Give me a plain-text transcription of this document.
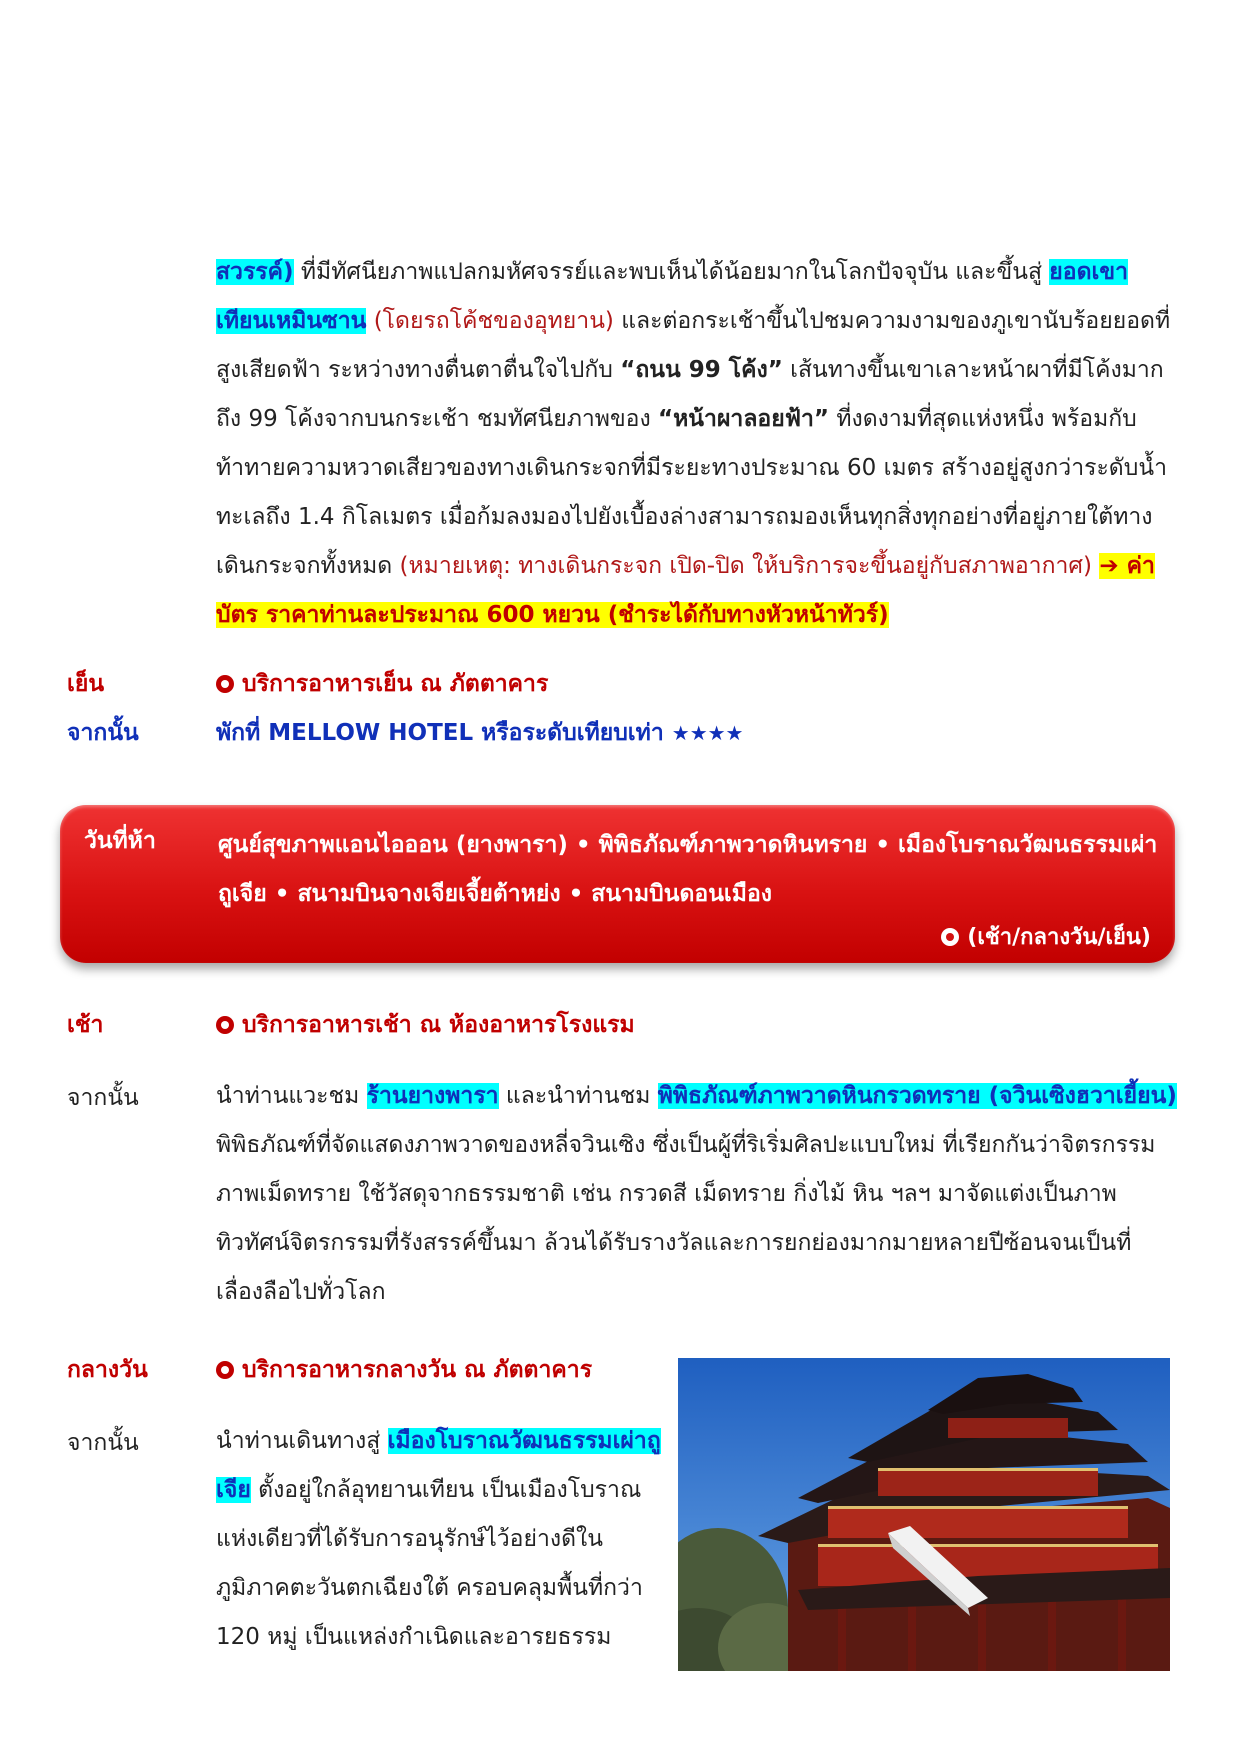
สวรรค์) ที่มีทัศนียภาพแปลกมหัศจรรย์และพบเห็นได้น้อยมากในโลกปัจจุบัน และขึ้นสู่ ยอดเขาเทียนเหมินซาน (โดยรถโค้ชของอุทยาน) และต่อกระเช้าขึ้นไปชมความงามของภูเขานับร้อยยอดที่สูงเสียดฟ้า ระหว่างทางตื่นตาตื่นใจไปกับ “ถนน 99 โค้ง” เส้นทางขึ้นเขาเลาะหน้าผาที่มีโค้งมากถึง 99 โค้งจากบนกระเช้า ชมทัศนียภาพของ “หน้าผาลอยฟ้า” ที่งดงามที่สุดแห่งหนึ่ง พร้อมกับท้าทายความหวาดเสียวของทางเดินกระจกที่มีระยะทางประมาณ 60 เมตร สร้างอยู่สูงกว่าระดับน้ำทะเลถึง 1.4 กิโลเมตร เมื่อก้มลงมองไปยังเบื้องล่างสามารถมองเห็นทุกสิ่งทุกอย่างที่อยู่ภายใต้ทางเดินกระจกทั้งหมด (หมายเหตุ: ทางเดินกระจก เปิด-ปิด ให้บริการจะขึ้นอยู่กับสภาพอากาศ) ➔ ค่าบัตร ราคาท่านละประมาณ 600 หยวน (ชำระได้กับทางหัวหน้าทัวร์)
เย็น	บริการอาหารเย็น ณ ภัตตาคาร
จากนั้น	พักที่ MELLOW HOTEL หรือระดับเทียบเท่า ★★★★
วันที่ห้า	ศูนย์สุขภาพแอนไอออน (ยางพารา) • พิพิธภัณฑ์ภาพวาดหินทราย • เมืองโบราณวัฒนธรรมเผ่าถูเจีย • สนามบินจางเจียเจี้ยต้าหย่ง • สนามบินดอนเมือง
(เช้า/กลางวัน/เย็น)
เช้า	บริการอาหารเช้า ณ ห้องอาหารโรงแรม
จากนั้น	นำท่านแวะชม ร้านยางพารา และนำท่านชม พิพิธภัณฑ์ภาพวาดหินกรวดทราย (จวินเซิงฮวาเยี้ยน) พิพิธภัณฑ์ที่จัดแสดงภาพวาดของหลี่จวินเซิง ซึ่งเป็นผู้ที่ริเริ่มศิลปะแบบใหม่ ที่เรียกกันว่าจิตรกรรมภาพเม็ดทราย ใช้วัสดุจากธรรมชาติ เช่น กรวดสี เม็ดทราย กิ่งไม้ หิน ฯลฯ มาจัดแต่งเป็นภาพทิวทัศน์จิตรกรรมที่รังสรรค์ขึ้นมา ล้วนได้รับรางวัลและการยกย่องมากมายหลายปีซ้อนจนเป็นที่เลื่องลือไปทั่วโลก
กลางวัน	บริการอาหารกลางวัน ณ ภัตตาคาร
จากนั้น	นำท่านเดินทางสู่ เมืองโบราณวัฒนธรรมเผ่าถูเจีย ตั้งอยู่ใกล้อุทยานเทียน เป็นเมืองโบราณแห่งเดียวที่ได้รับการอนุรักษ์ไว้อย่างดีในภูมิภาคตะวันตกเฉียงใต้ ครอบคลุมพื้นที่กว่า 120 หมู่ เป็นแหล่งกำเนิดและอารยธรรม
